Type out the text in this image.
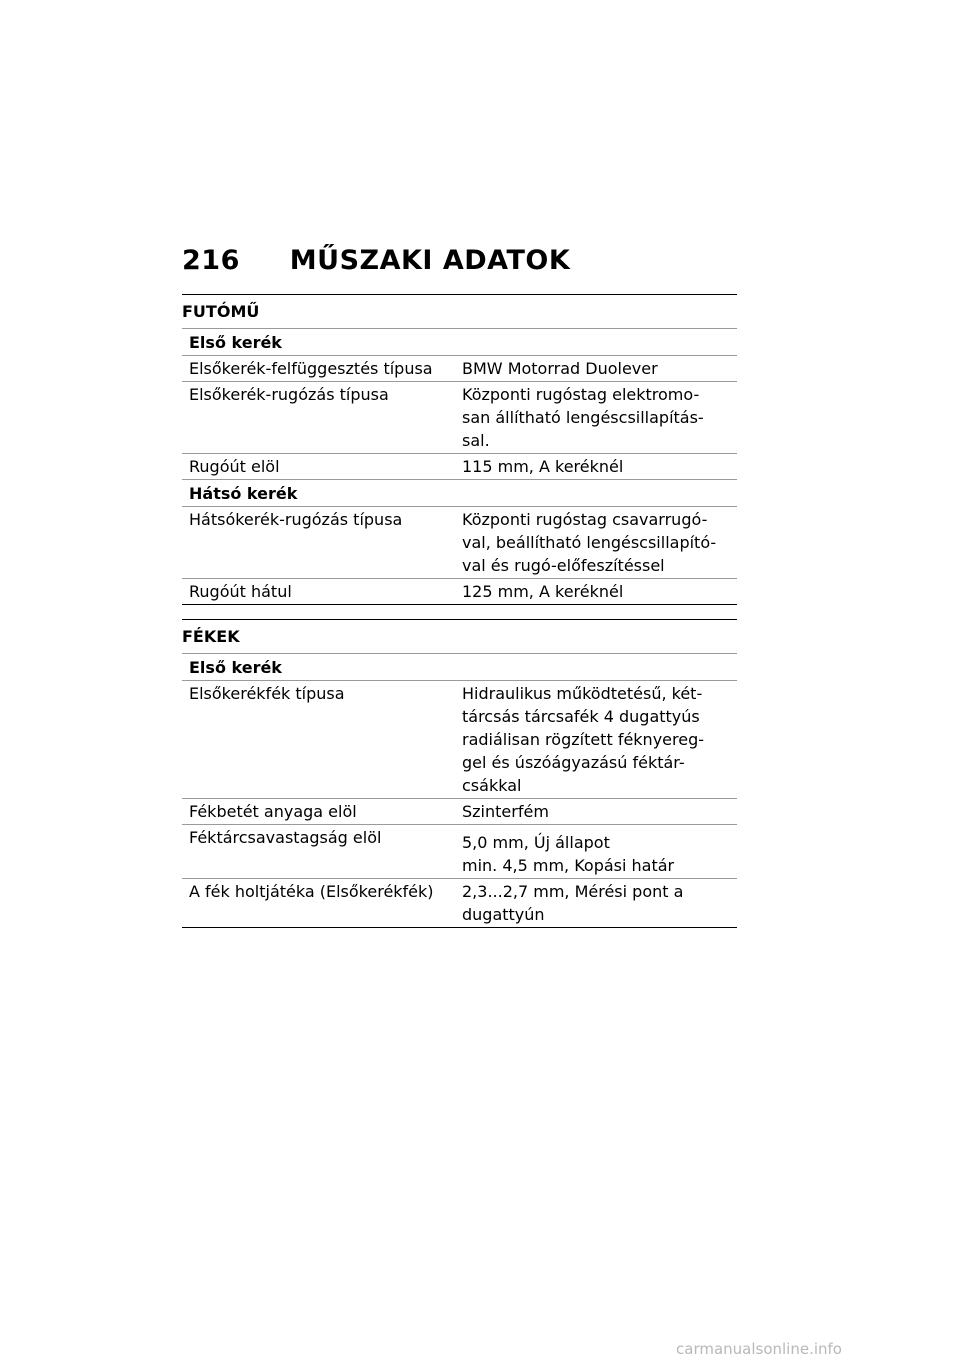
216 MŰSZAKI ADATOK
FUTÓMŰ
Első kerék
Elsőkerék-felfüggesztés típusa	BMW Motorrad Duolever
Elsőkerék-rugózás típusa	Központi rugóstag elektromo-
san állítható lengéscsillapítás-
sal.
Rugóút elöl	115 mm, A keréknél
Hátsó kerék
Hátsókerék-rugózás típusa	Központi rugóstag csavarrugó-
val, beállítható lengéscsillapító-
val és rugó-előfeszítéssel
Rugóút hátul	125 mm, A keréknél
FÉKEK
Első kerék
Elsőkerékfék típusa	Hidraulikus működtetésű, két-
tárcsás tárcsafék 4 dugattyús
radiálisan rögzített féknyereg-
gel és úszóágyazású féktár-
csákkal
Fékbetét anyaga elöl	Szinterfém
Féktárcsavastagság elöl	5,0 mm, Új állapot
min. 4,5 mm, Kopási határ
A fék holtjátéka (Elsőkerékfék)	2,3...2,7 mm, Mérési pont a
dugattyún
carmanualsonline.info
